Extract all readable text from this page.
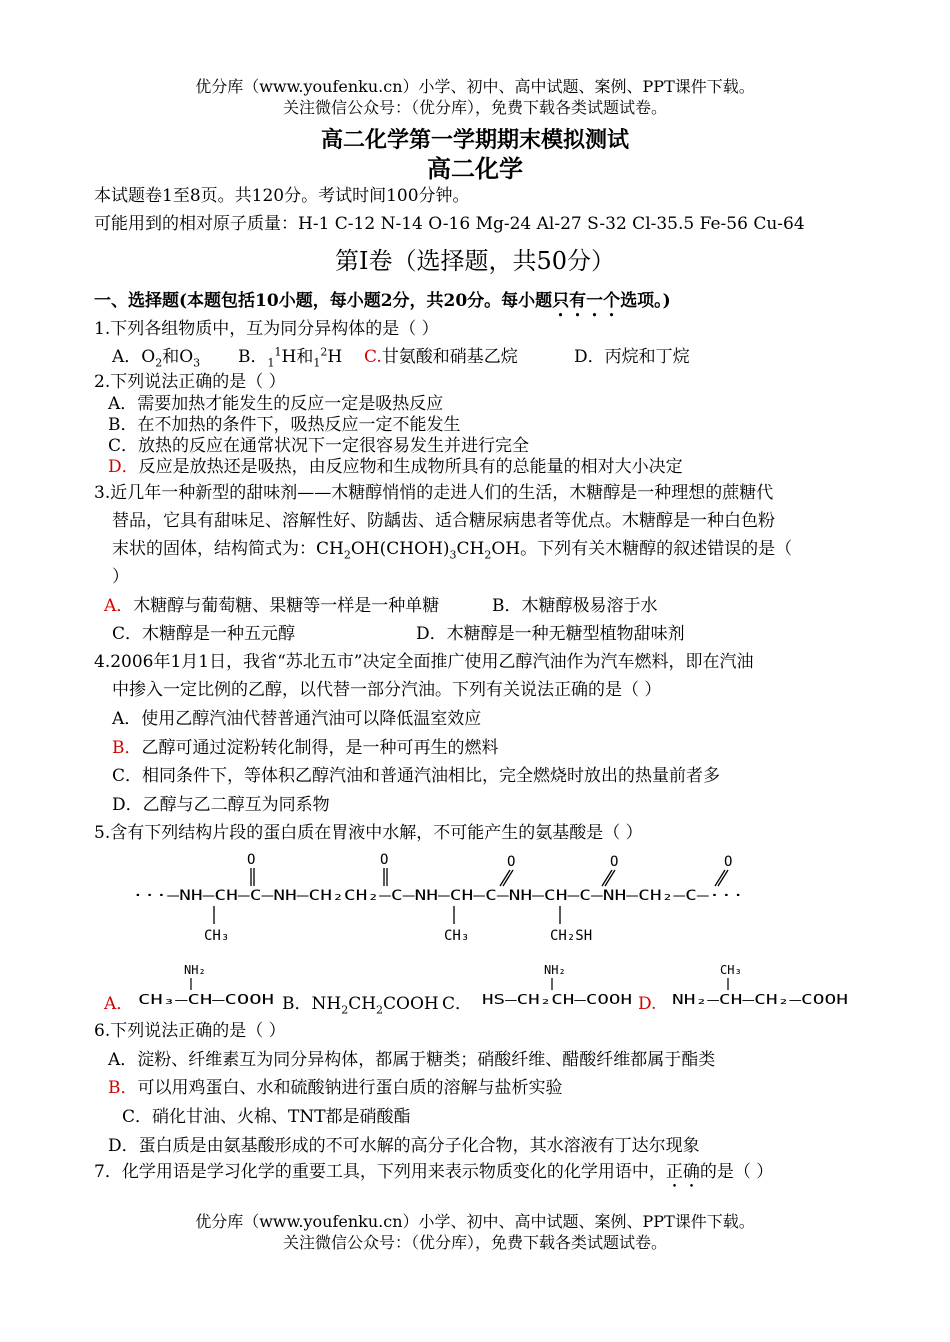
优分库（www.youfenku.cn）小学、初中、高中试题、案例、PPT课件下载。
关注微信公众号：（优分库），免费下载各类试题试卷。
高二化学第一学期期末模拟测试
高二化学
本试题卷1至8页。共120分。考试时间100分钟。
可能用到的相对原子质量：H-1 C-12 N-14 O-16 Mg-24 Al-27 S-32 Cl-35.5 Fe-56 Cu-64
第I卷（选择题，共50分）
一、选择题(本题包括10小题，每小题2分，共20分。每小题只有一个选项。)
1.下列各组物质中，互为同分异构体的是（ ）
A．$O_2$和$O_3$ B．$_1^1$H和$_1^2$H C.甘氨酸和硝基乙烷	D．丙烷和丁烷
2.下列说法正确的是（ ）
A．需要加热才能发生的反应一定是吸热反应
B．在不加热的条件下，吸热反应一定不能发生
C．放热的反应在通常状况下一定很容易发生并进行完全
D．反应是放热还是吸热，由反应物和生成物所具有的总能量的相对大小决定
3.近几年一种新型的甜味剂——木糖醇悄悄的走进人们的生活，木糖醇是一种理想的蔗糖代
替品，它具有甜味足、溶解性好、防龋齿、适合糖尿病患者等优点。木糖醇是一种白色粉
末状的固体，结构简式为：$CH_2OH(CHOH)_3CH_2OH$。下列有关木糖醇的叙述错误的是（
）
A．木糖醇与葡萄糖、果糖等一样是一种单糖	B．木糖醇极易溶于水
C．木糖醇是一种五元醇	D．木糖醇是一种无糖型植物甜味剂
4.2006年1月1日，我省“苏北五市”决定全面推广使用乙醇汽油作为汽车燃料，即在汽油
中掺入一定比例的乙醇，以代替一部分汽油。下列有关说法正确的是（ ）
A．使用乙醇汽油代替普通汽油可以降低温室效应
B．乙醇可通过淀粉转化制得，是一种可再生的燃料
C．相同条件下，等体积乙醇汽油和普通汽油相比，完全燃烧时放出的热量前者多
D．乙醇与乙二醇互为同系物
5.含有下列结构片段的蛋白质在胃液中水解，不可能产生的氨基酸是（ ）
O	O	O	O	O
···—NH—CH—C—NH—CH₂CH₂—C—NH—CH—C—NH—CH—C—NH—CH₂—C—···
CH₃	CH₃	CH₂SH
A．
NH₂
CH₃—CH—COOH B．$NH_2CH_2COOH$ C．
NH₂
HS—CH₂CH—COOH D.
CH₃
NH₂—CH—CH₂—COOH
6.下列说法正确的是（ ）
A．淀粉、纤维素互为同分异构体，都属于糖类；硝酸纤维、醋酸纤维都属于酯类
B．可以用鸡蛋白、水和硫酸钠进行蛋白质的溶解与盐析实验
C．硝化甘油、火棉、TNT都是硝酸酯
D．蛋白质是由氨基酸形成的不可水解的高分子化合物，其水溶液有丁达尔现象
7．化学用语是学习化学的重要工具，下列用来表示物质变化的化学用语中，正确的是（ ）
优分库（www.youfenku.cn）小学、初中、高中试题、案例、PPT课件下载。
关注微信公众号：（优分库），免费下载各类试题试卷。
